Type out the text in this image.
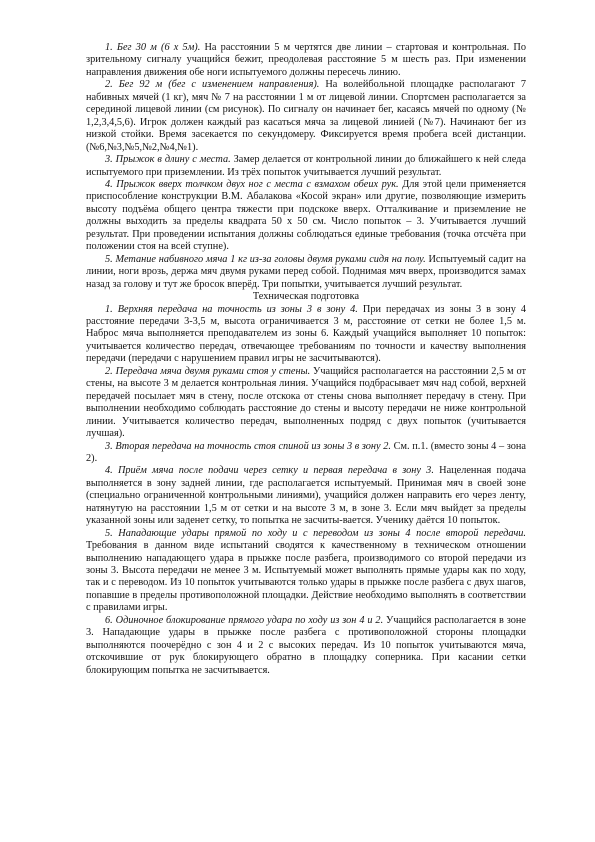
1. Бег 30 м (6 х 5м). На расстоянии 5 м чертятся две линии – стартовая и контрольная. По зрительному сигналу учащийся бежит, преодолевая расстояние 5 м шесть раз. При изменении направления движения обе ноги испытуемого должны пересечь линию.

2. Бег 92 м (бег с изменением направления). На волейбольной площадке располагают 7 набивных мячей (1 кг), мяч № 7 на расстоянии 1 м от лицевой линии. Спортсмен располагается за серединой лицевой линии (см рисунок). По сигналу он начинает бег, касаясь мячей по одному (№ 1,2,3,4,5,6). Игрок должен каждый раз касаться мяча за лицевой линией (№7). Начинают бег из низкой стойки. Время засекается по секундомеру. Фиксируется время пробега всей дистанции. (№6,№3,№5,№2,№4,№1).

3. Прыжок в длину с места. Замер делается от контрольной линии до ближайшего к ней следа испытуемого при приземлении. Из трёх попыток учитывается лучший результат.

4. Прыжок вверх толчком двух ног с места с взмахом обеих рук. Для этой цели применяется приспособление конструкции В.М. Абалакова «Косой экран» или другие, позволяющие измерить высоту подъёма общего центра тяжести при подскоке вверх. Отталкивание и приземление не должны выходить за пределы квадрата 50 х 50 см. Число попыток – 3. Учитывается лучший результат. При проведении испытания должны соблюдаться единые требования (точка отсчёта при положении стоя на всей ступне).

5. Метание набивного мяча 1 кг из-за головы двумя руками сидя на полу. Испытуемый садит на линии, ноги врозь, держа мяч двумя руками перед собой. Поднимая мяч вверх, производится замах назад за голову и тут же бросок вперёд. Три попытки, учитывается лучший результат.

Техническая подготовка

1. Верхняя передача на точность из зоны 3 в зону 4. При передачах из зоны 3 в зону 4 расстояние передачи 3-3,5 м, высота ограничивается 3 м, расстояние от сетки не более 1,5 м. Наброс мяча выполняется преподавателем из зоны 6. Каждый учащийся выполняет 10 попыток: учитывается количество передач, отвечающее требованиям по точности и качеству выполнения передачи (передачи с нарушением правил игры не засчитываются).

2. Передача мяча двумя руками стоя у стены. Учащийся располагается на расстоянии 2,5 м от стены, на высоте 3 м делается контрольная линия. Учащийся подбрасывает мяч над собой, верхней передачей посылает мяч в стену, после отскока от стены снова выполняет передачу в стену. При выполнении необходимо соблюдать расстояние до стены и высоту передачи не ниже контрольной линии. Учитывается количество передач, выполненных подряд с двух попыток (учитывается лучшая).

3. Вторая передача на точность стоя спиной из зоны 3 в зону 2. См. п.1. (вместо зоны 4 – зона 2).

4. Приём мяча после подачи через сетку и первая передача в зону 3. Нацеленная подача выполняется в зону задней линии, где располагается испытуемый. Принимая мяч в своей зоне (специально ограниченной контрольными линиями), учащийся должен направить его через ленту, натянутую на расстоянии 1,5 м от сетки и на высоте 3 м, в зоне 3. Если мяч выйдет за пределы указанной зоны или заденет сетку, то попытка не засчиты-вается. Ученику даётся 10 попыток.

5. Нападающие удары прямой по ходу и с переводом из зоны 4 после второй передачи. Требования в данном виде испытаний сводятся к качественному в техническом отношении выполнению нападающего удара в прыжке после разбега, производимого со второй передачи из зоны 3. Высота передачи не менее 3 м. Испытуемый может выполнять прямые удары как по ходу, так и с переводом. Из 10 попыток учитываются только удары в прыжке после разбега с двух шагов, попавшие в пределы противоположной площадки. Действие необходимо выполнять в соответствии с правилами игры.

6. Одиночное блокирование прямого удара по ходу из зон 4 и 2. Учащийся располагается в зоне 3. Нападающие удары в прыжке после разбега с противоположной стороны площадки выполняются поочерёдно с зон 4 и 2 с высоких передач. Из 10 попыток учитываются мяча, отскочившие от рук блокирующего обратно в площадку соперника. При касании сетки блокирующим попытка не засчитывается.
